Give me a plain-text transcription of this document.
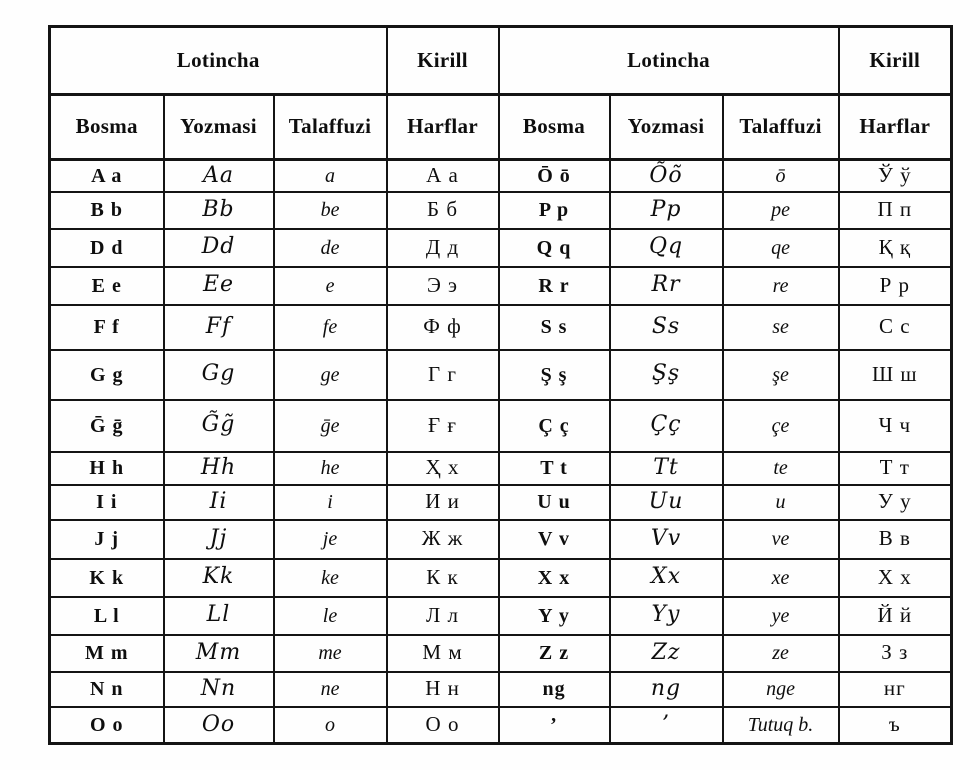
Lotincha			Kirill	Lotincha			Kirill
Bosma	Yozmasi	Talaffuzi	Harflar	Bosma	Yozmasi	Talaffuzi	Harflar
A a	Aa	a	А а	Ō ō	Õõ	ō	Ў ў
B b	Bb	be	Б б	P p	Pp	pe	П п
D d	Dd	de	Д д	Q q	Qq	qe	Қ қ
E e	Ee	e	Э э	R r	Rr	re	Р р
F f	Ff	fe	Ф ф	S s	Ss	se	С с
G g	Gg	ge	Г г	Ş ş	Şş	şe	Ш ш
Ḡ ḡ	G̃g̃	ḡe	Ғ ғ	Ç ç	Çç	çe	Ч ч
H h	Hh	he	Ҳ х	T t	Tt	te	Т т
I i	Ii	i	И и	U u	Uu	u	У у
J j	Jj	je	Ж ж	V v	Vv	ve	В в
K k	Kk	ke	К к	X x	Xx	xe	Х х
L l	Ll	le	Л л	Y y	Yy	ye	Й й
M m	Mm	me	М м	Z z	Zz	ze	З з
N n	Nn	ne	Н н	ng	ng	nge	нг
O o	Oo	o	О о	’	’	Tutuq b.	ъ
